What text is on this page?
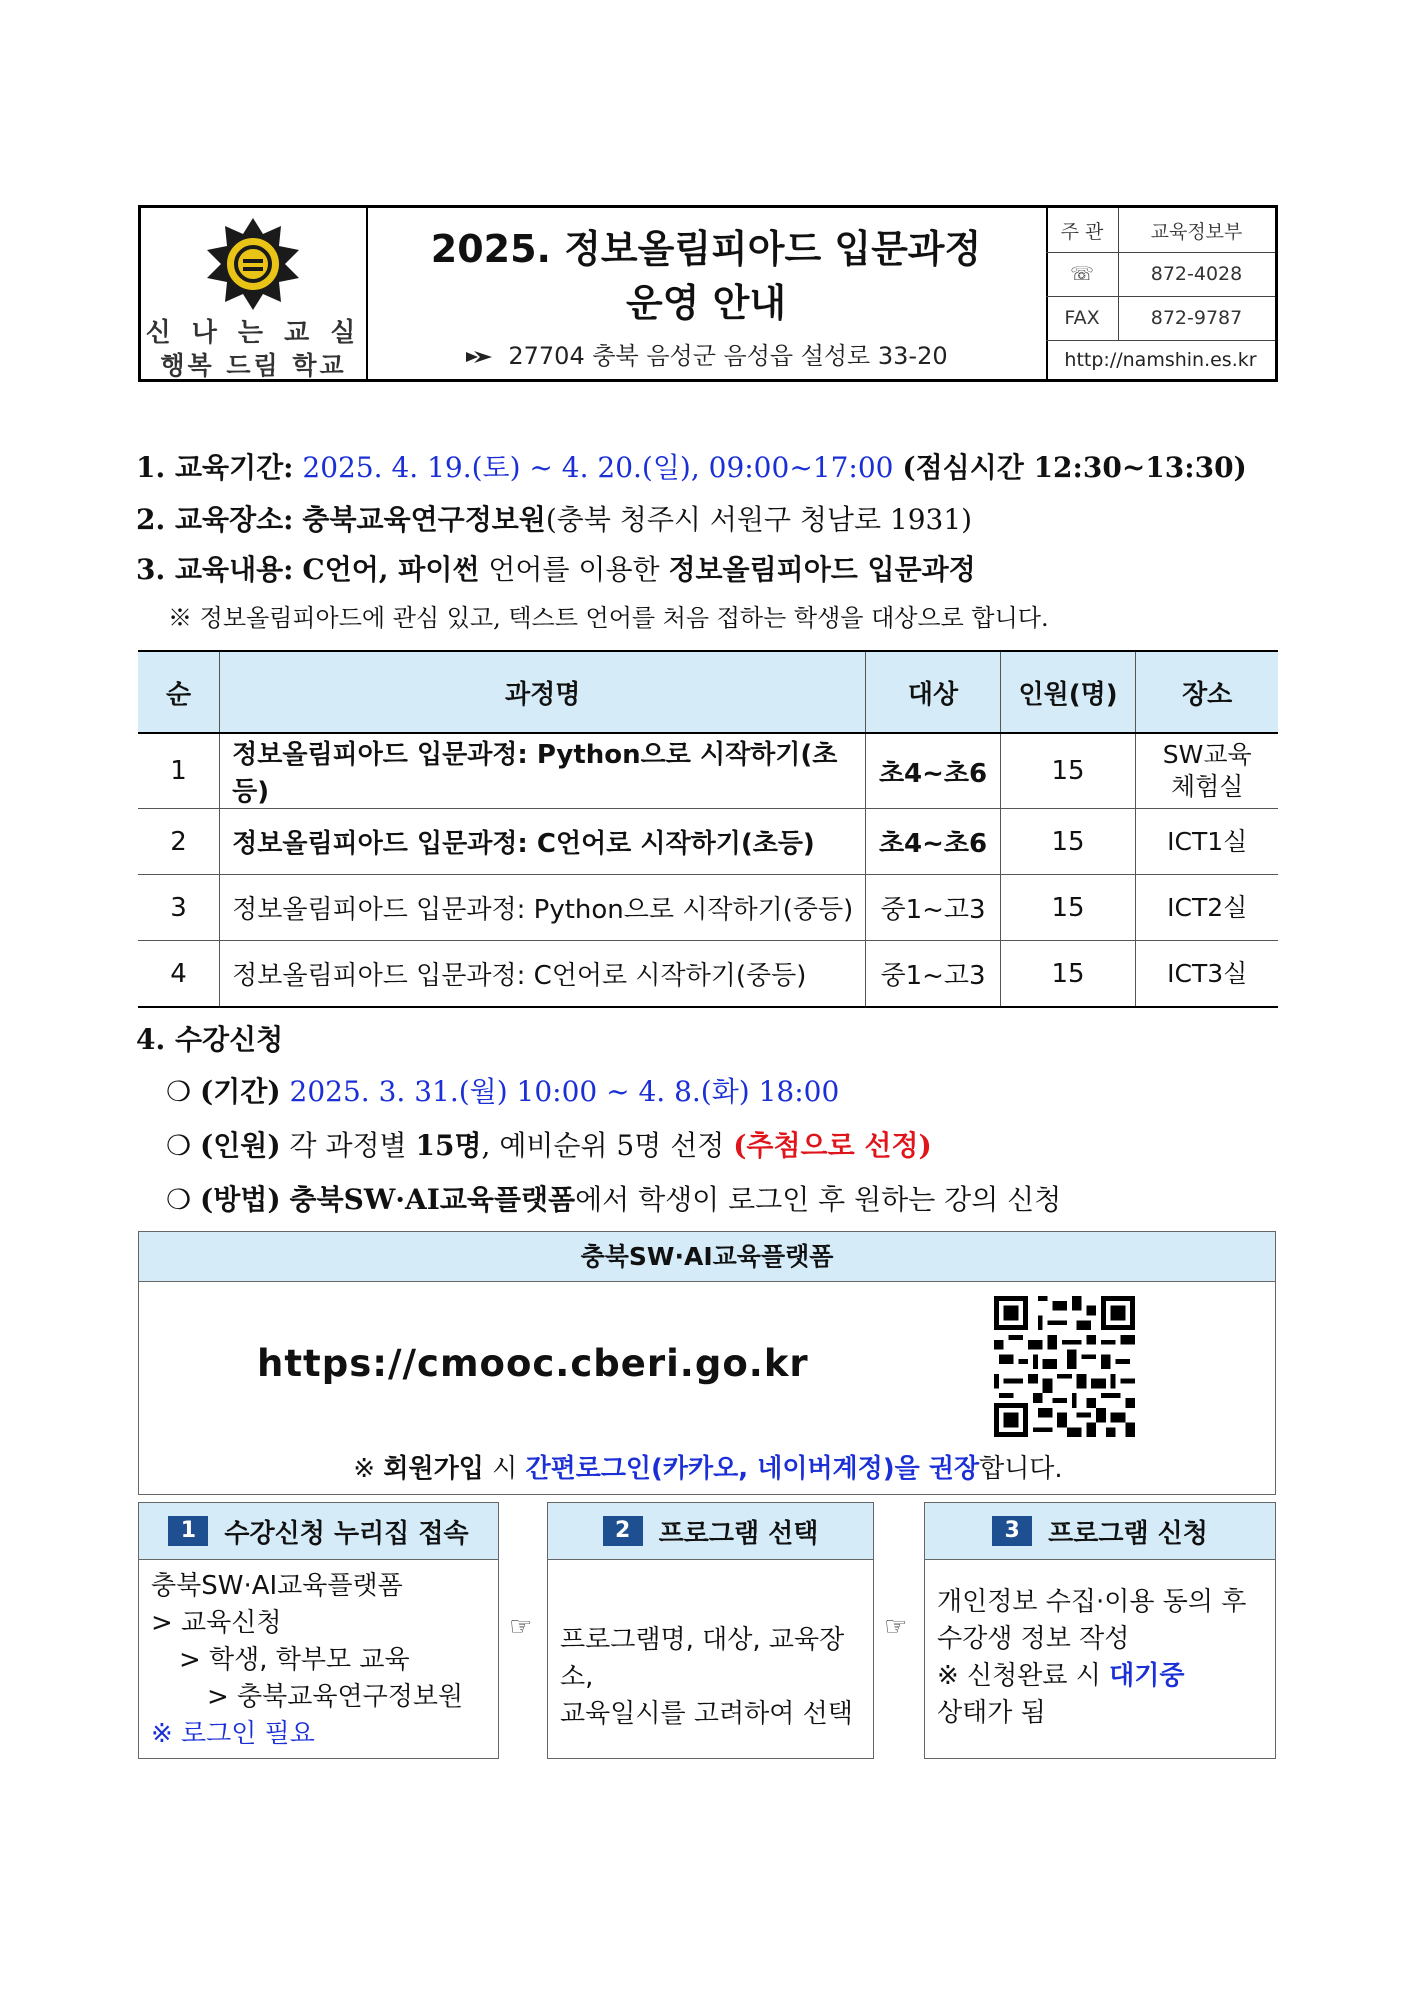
신 나 는 교 실
행복 드림 학교
2025. 정보올림피아드 입문과정
운영 안내
27704 충북 음성군 음성읍 설성로 33-20
주 관	교육정보부
☏	872-4028
FAX	872-9787
http://namshin.es.kr
1. 교육기간: 2025. 4. 19.(토) ~ 4. 20.(일), 09:00~17:00 (점심시간 12:30~13:30)
2. 교육장소: 충북교육연구정보원(충북 청주시 서원구 청남로 1931)
3. 교육내용: C언어, 파이썬 언어를 이용한 정보올림피아드 입문과정
※ 정보올림피아드에 관심 있고, 텍스트 언어를 처음 접하는 학생을 대상으로 합니다.
순	과정명	대상	인원(명)	장소
1	정보올림피아드 입문과정: Python으로 시작하기(초등)	초4~초6	15	SW교육
체험실
2	정보올림피아드 입문과정: C언어로 시작하기(초등)	초4~초6	15	ICT1실
3	정보올림피아드 입문과정: Python으로 시작하기(중등)	중1~고3	15	ICT2실
4	정보올림피아드 입문과정: C언어로 시작하기(중등)	중1~고3	15	ICT3실
4. 수강신청
❍ (기간) 2025. 3. 31.(월) 10:00 ~ 4. 8.(화) 18:00
❍ (인원) 각 과정별 15명, 예비순위 5명 선정 (추첨으로 선정)
❍ (방법) 충북SW·AI교육플랫폼에서 학생이 로그인 후 원하는 강의 신청
충북SW·AI교육플랫폼
https://cmooc.cberi.go.kr
※ 회원가입 시 간편로그인(카카오, 네이버계정)을 권장합니다.
1	수강신청 누리집 접속
충북SW·AI교육플랫폼
> 교육신청
> 학생, 학부모 교육
> 충북교육연구정보원
※ 로그인 필요
☞
2	프로그램 선택
프로그램명, 대상, 교육장소,
교육일시를 고려하여 선택
☞
3	프로그램 신청
개인정보 수집·이용 동의 후
수강생 정보 작성
※ 신청완료 시 대기중
상태가 됨
